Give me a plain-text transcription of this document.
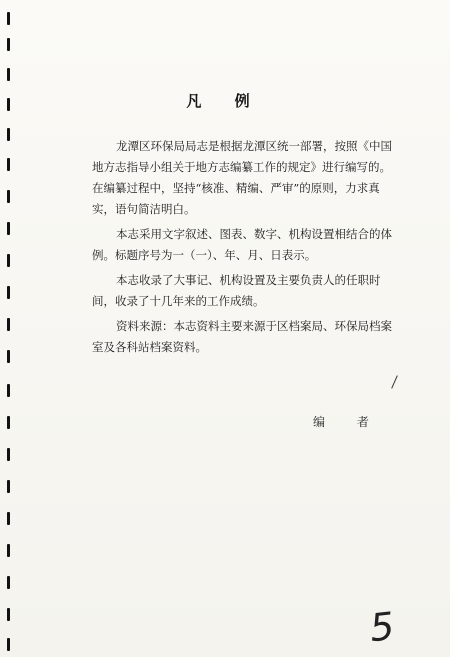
凡 例
龙潭区环保局局志是根据龙潭区统一部署，按照《中国
地方志指导小组关于地方志编纂工作的规定》进行编写的。
在编纂过程中，坚持“核准、精编、严审”的原则，力求真
实，语句简洁明白。
本志采用文字叙述、图表、数字、机构设置相结合的体
例。标题序号为一（一）、年、月、日表示。
本志收录了大事记、机构设置及主要负责人的任职时
间，收录了十几年来的工作成绩。
资料来源：本志资料主要来源于区档案局、环保局档案
室及各科站档案资料。
编 者
5
